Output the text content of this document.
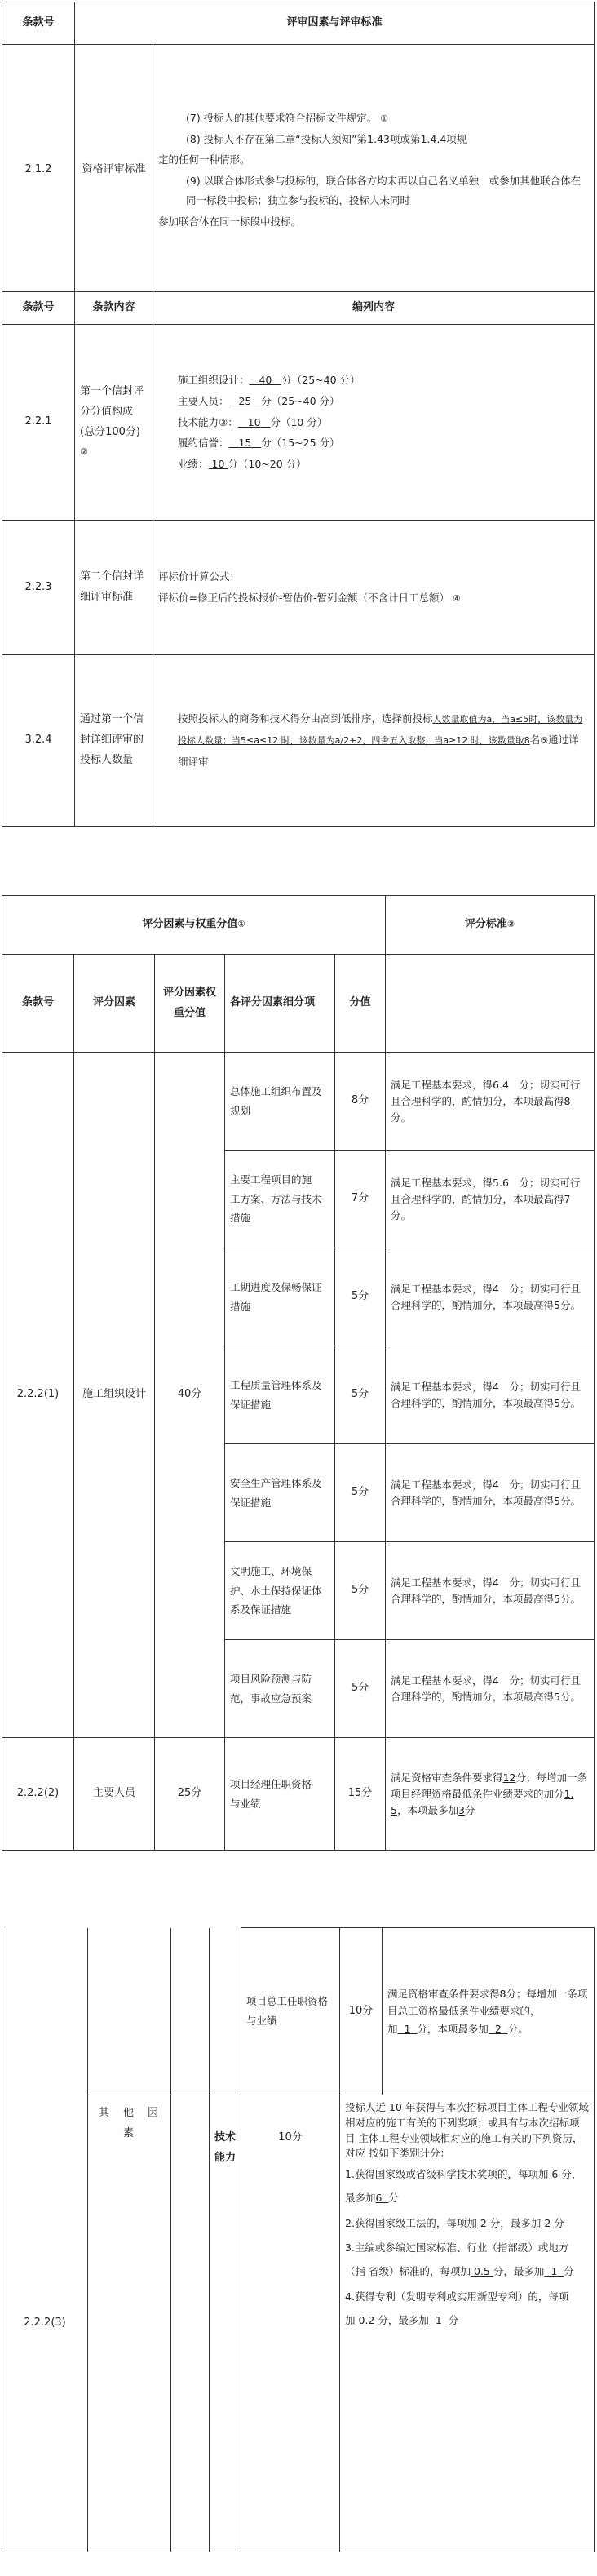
条款号	评审因素与评审标准	
2.1.2	资格评审标准	(7) 投标人的其他要求符合招标文件规定。 ①
(8) 投标人不存在第二章“投标人须知”第1.43项或第1.4.4项规
定的任何一种情形。
(9) 以联合体形式参与投标的，联合体各方均未再以自己名义单独　或参加其他联合体在同一标段中投标；独立参与投标的，投标人未同时
参加联合体在同一标段中投标。
条款号	条款内容	编列内容
2.2.1	第一个信封评分分值构成(总分100分)②	施工组织设计： 40 分（25~40 分）
主要人员： 25 分（25~40 分）
技术能力③： 10 分（10 分）
履约信誉： 15 分（15~25 分）
业绩： 10 分（10~20 分）

2.2.3	第二个信封详细评审标准	评标价计算公式：
评标价=修正后的投标报价-暂估价-暂列金额（不含计日工总额） ④

3.2.4	通过第一个信封详细评审的投标人数量	按照投标人的商务和技术得分由高到低排序，选择前投标人数量取值为a，当a≤5时，该数量为投标人数量；当5≤a≤12 时，该数量为a/2+2，四舍五入取整，当a≥12 时，该数量取8名⑤通过详细评审
评分因素与权重分值①					评分标准②
条款号	评分因素	评分因素权重分值	各评分因素细分项	分值	
2.2.2(1)	施工组织设计	40分	总体施工组织布置及规划	8分	满足工程基本要求，得6.4　分；切实可行且合理科学的，酌情加分，本项最高得8分。
			主要工程项目的施　工方案、方法与技术措施	7分	满足工程基本要求，得5.6　分；切实可行且合理科学的，酌情加分，本项最高得7分。
			工期进度及保畅保证措施	5分	满足工程基本要求，得4　分；切实可行且合理科学的，酌情加分，本项最高得5分。
			工程质量管理体系及保证措施	5分	满足工程基本要求，得4　分；切实可行且合理科学的，酌情加分，本项最高得5分。
			安全生产管理体系及保证措施	5分	满足工程基本要求，得4　分；切实可行且合理科学的，酌情加分，本项最高得5分。
			文明施工、环境保　护、水土保持保证体系及保证措施	5分	满足工程基本要求，得4　分；切实可行且合理科学的，酌情加分，本项最高得5分。
			项目风险预测与防范，事故应急预案	5分	满足工程基本要求，得4　分；切实可行且合理科学的，酌情加分，本项最高得5分。
2.2.2(2)	主要人员	25分	项目经理任职资格　与业绩	15分	满足资格审查条件要求得12分；每增加一条项目经理资格最低条件业绩要求的加分1.5，本项最多加3分
				项目总工任职资格　与业绩	10分	满足资格审查条件要求得8分；每增加一条项目总工资格最低条件业绩要求的，加 1 分，本项最多加 2 分。
2.2.2(3)	其　他　因　素		技术能力	10分	投标人近 10 年获得与本次招标项目主体工程专业领域 相对应的施工有关的下列奖项；或具有与本次招标项目 主体工程专业领域相对应的施工有关的下列资历，对应 按如下类别计分：
1.获得国家级或省级科学技术奖项的，每项加 6 分，最多加6 分
2.获得国家级工法的，每项加 2 分，最多加 2 分
3.主编或参编过国家标准、行业（指部级）或地方（指 省级）标准的，每项加 0.5 分，最多加 1 分
4.获得专利（发明专利或实用新型专利）的，每项加 0.2 分，最多加 1 分	
